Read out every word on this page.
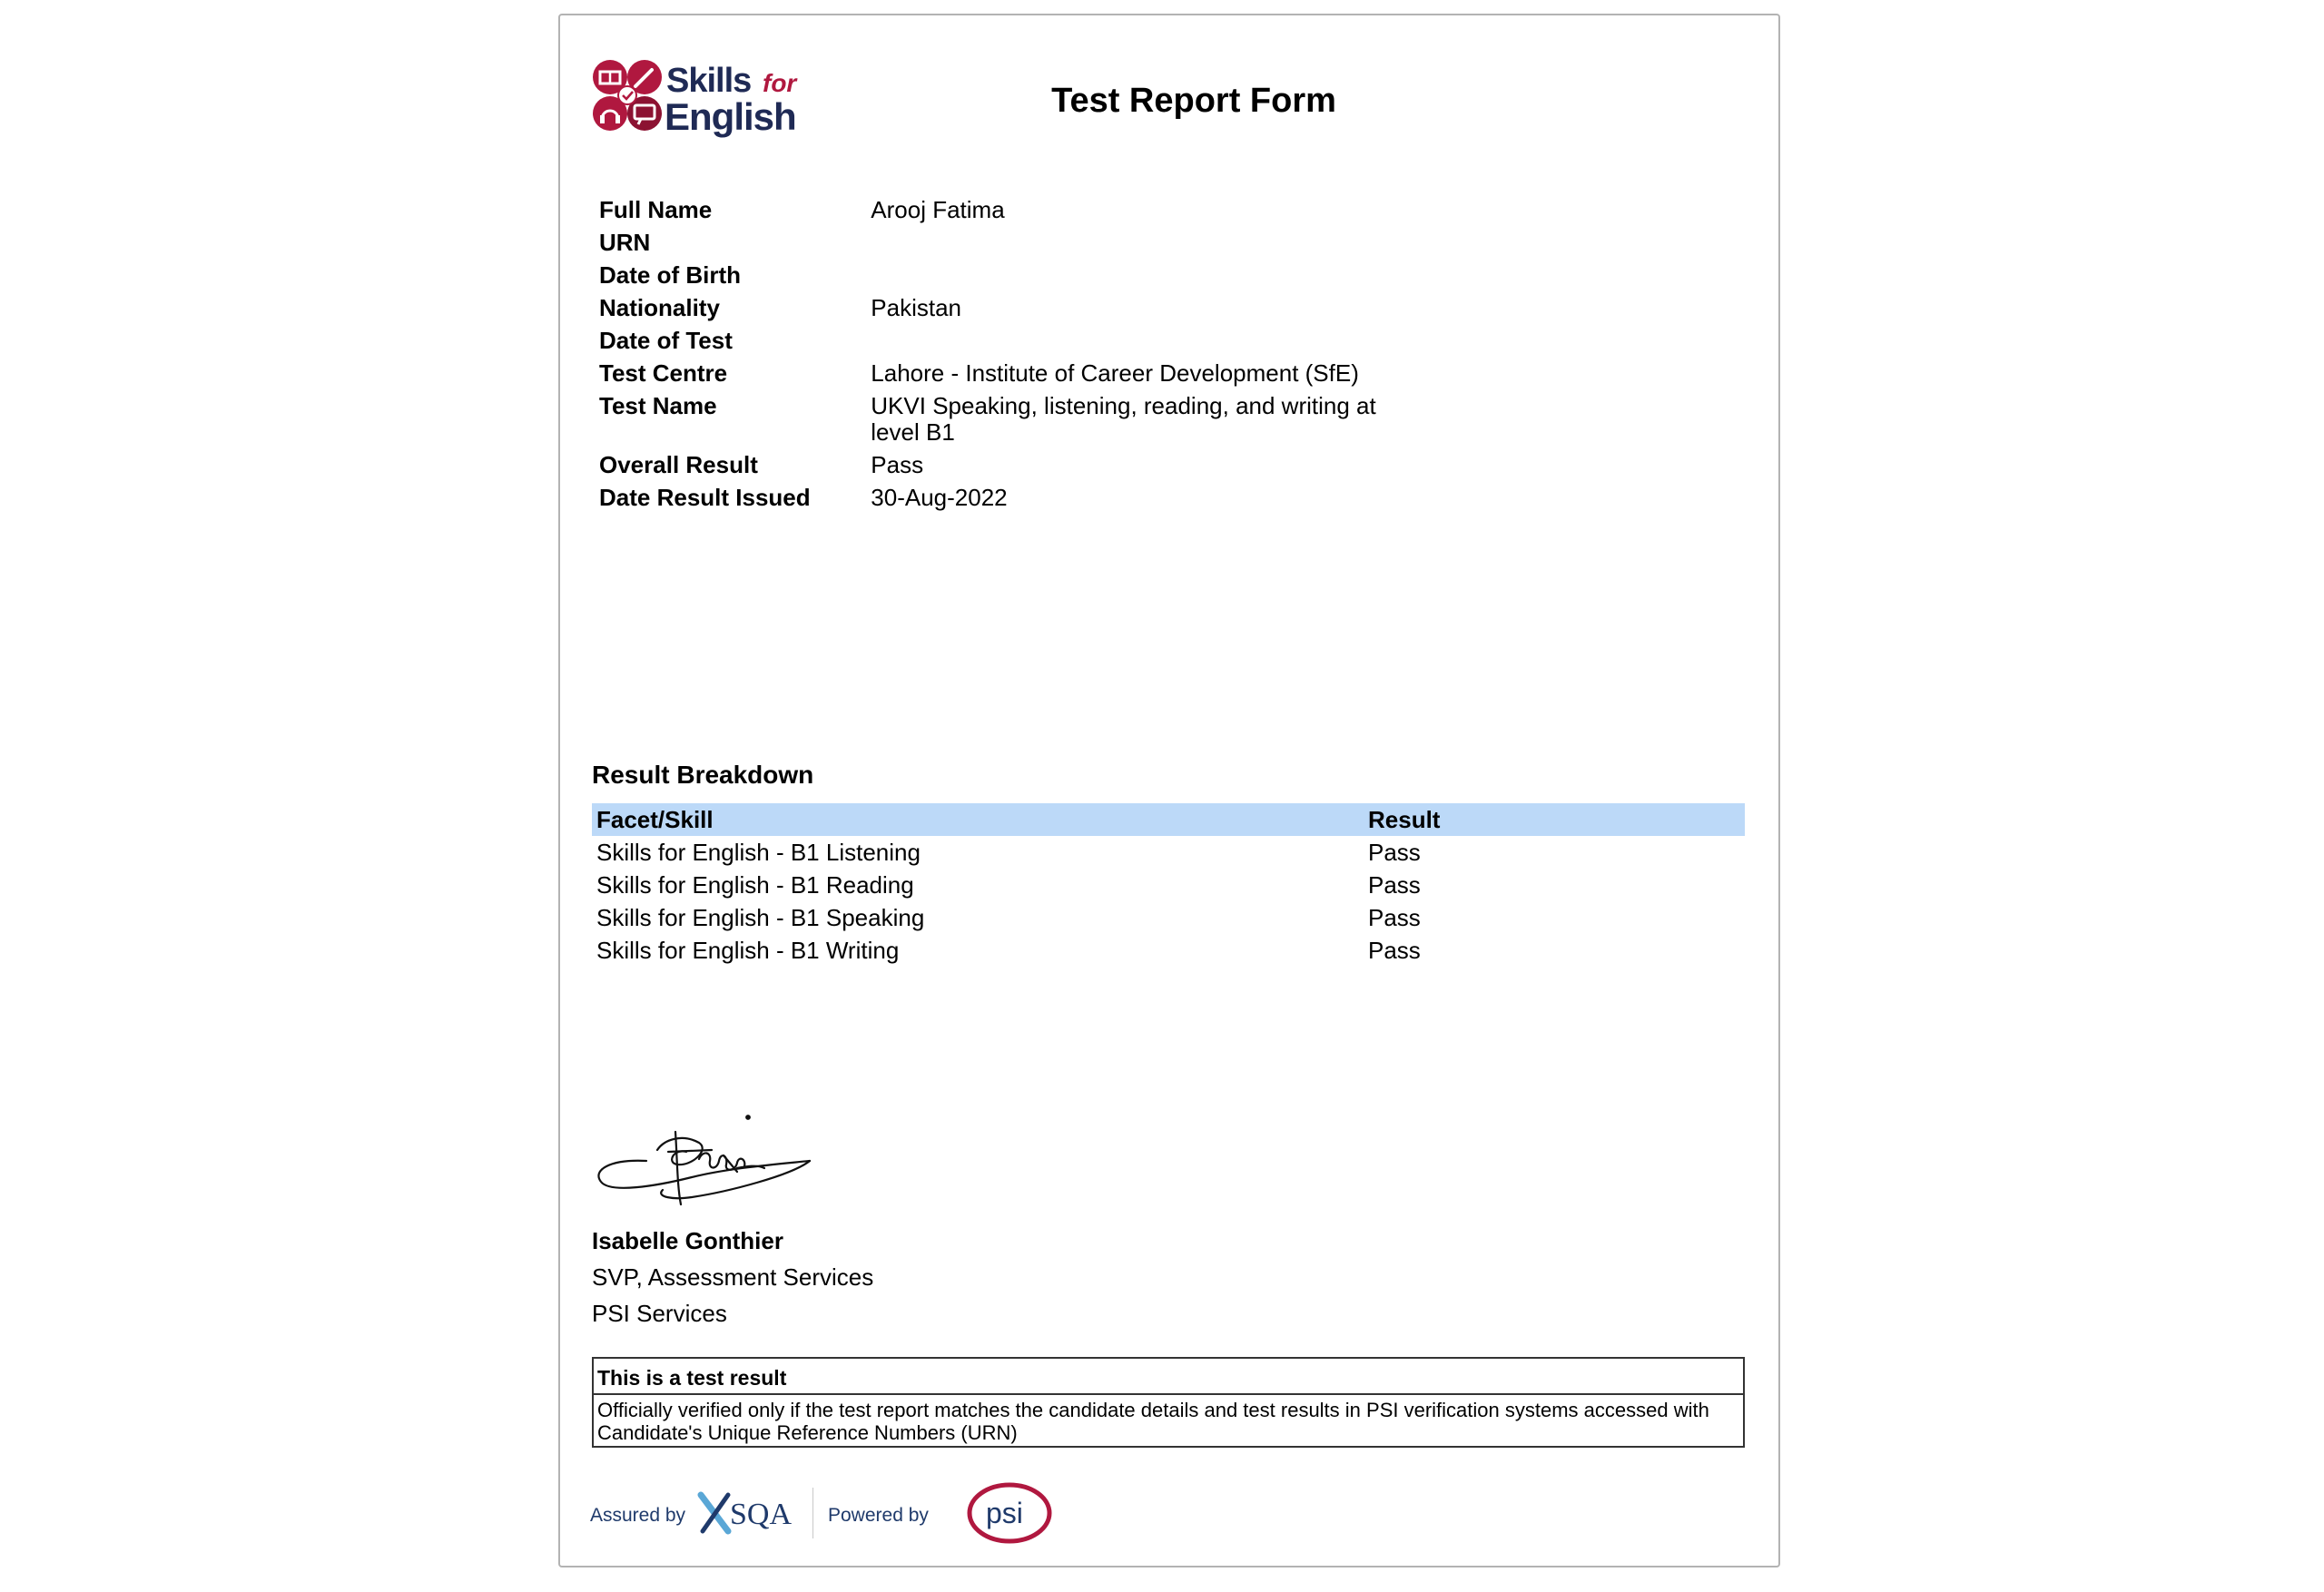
Skills for
English	Test Report Form
Full Name	Arooj Fatima
URN	
Date of Birth	
Nationality	Pakistan
Date of Test	
Test Centre	Lahore - Institute of Career Development (SfE)
Test Name	UKVI Speaking, listening, reading, and writing at level B1
Overall Result	Pass
Date Result Issued	30-Aug-2022
Result Breakdown
Facet/Skill	Result
Skills for English - B1 Listening	Pass
Skills for English - B1 Reading	Pass
Skills for English - B1 Speaking	Pass
Skills for English - B1 Writing	Pass
Isabelle Gonthier
SVP, Assessment Services
PSI Services
This is a test result
Officially verified only if the test report matches the candidate details and test results in PSI verification systems accessed with Candidate's Unique Reference Numbers (URN)
Assured by SQA Powered by psi
